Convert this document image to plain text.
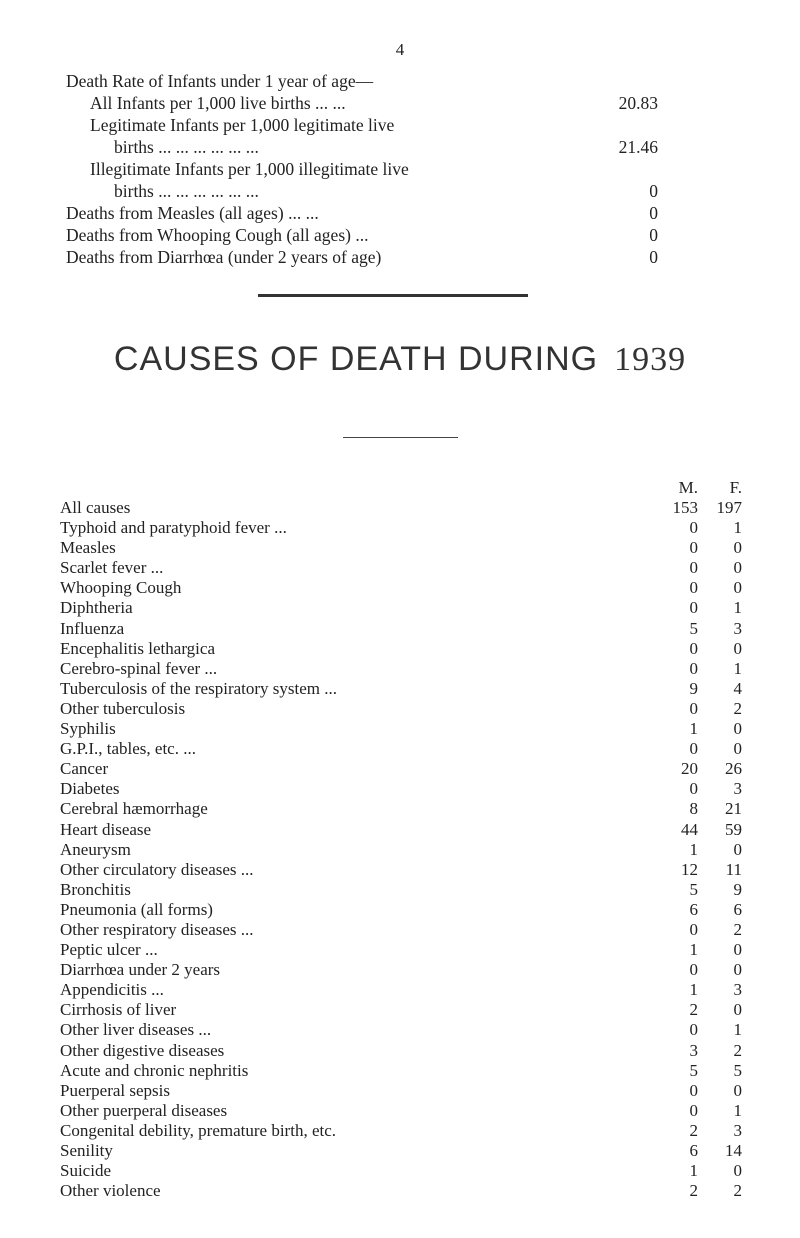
4
Death Rate of Infants under 1 year of age—
All Infants per 1,000 live births ... ...	20.83
Legitimate Infants per 1,000 legitimate live
births ... ... ... ... ... ...	21.46
Illegitimate Infants per 1,000 illegitimate live
births ... ... ... ... ... ...	0
Deaths from Measles (all ages) ... ...	0
Deaths from Whooping Cough (all ages) ...	0
Deaths from Diarrhœa (under 2 years of age)	0
CAUSES OF DEATH DURING 1939
M. F.
All causes	153	197
Typhoid and paratyphoid fever ...	0	1
Measles	0	0
Scarlet fever ...	0	0
Whooping Cough	0	0
Diphtheria	0	1
Influenza	5	3
Encephalitis lethargica	0	0
Cerebro-spinal fever ...	0	1
Tuberculosis of the respiratory system ...	9	4
Other tuberculosis	0	2
Syphilis	1	0
G.P.I., tables, etc. ...	0	0
Cancer	20	26
Diabetes	0	3
Cerebral hæmorrhage	8	21
Heart disease	44	59
Aneurysm	1	0
Other circulatory diseases ...	12	11
Bronchitis	5	9
Pneumonia (all forms)	6	6
Other respiratory diseases ...	0	2
Peptic ulcer ...	1	0
Diarrhœa under 2 years	0	0
Appendicitis ...	1	3
Cirrhosis of liver	2	0
Other liver diseases ...	0	1
Other digestive diseases	3	2
Acute and chronic nephritis	5	5
Puerperal sepsis	0	0
Other puerperal diseases	0	1
Congenital debility, premature birth, etc.	2	3
Senility	6	14
Suicide	1	0
Other violence	2	2
